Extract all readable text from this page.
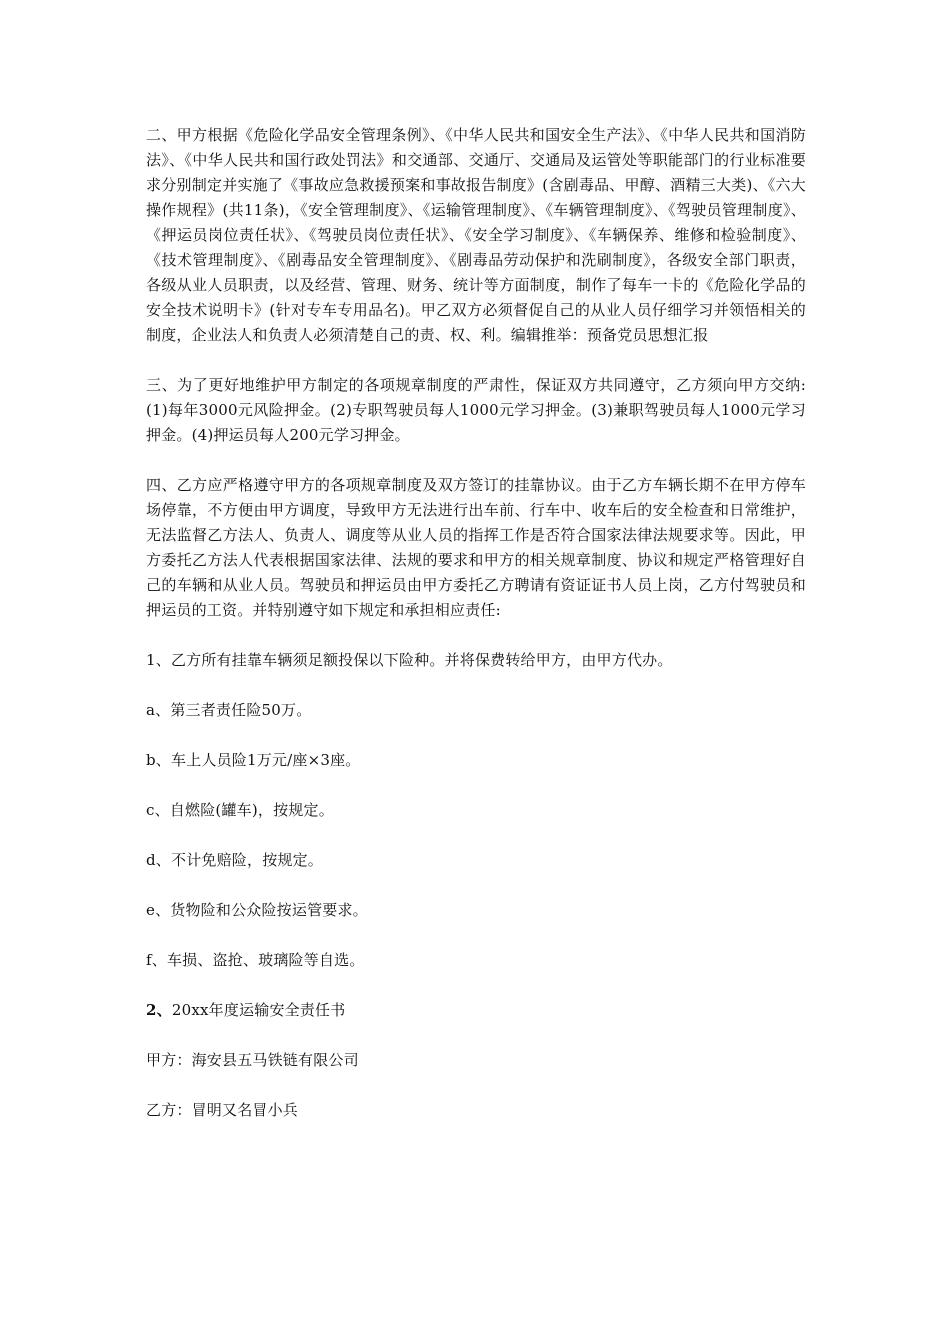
二、甲方根据《危险化学品安全管理条例》、《中华人民共和国安全生产法》、《中华人民共和国消防法》、《中华人民共和国行政处罚法》和交通部、交通厅、交通局及运管处等职能部门的行业标准要求分别制定并实施了《事故应急救援预案和事故报告制度》(含剧毒品、甲醇、酒精三大类)、《六大操作规程》(共11条)，《安全管理制度》、《运输管理制度》、《车辆管理制度》、《驾驶员管理制度》、《押运员岗位责任状》、《驾驶员岗位责任状》、《安全学习制度》、《车辆保养、维修和检验制度》、《技术管理制度》、《剧毒品安全管理制度》、《剧毒品劳动保护和洗刷制度》，各级安全部门职责，各级从业人员职责，以及经营、管理、财务、统计等方面制度，制作了每车一卡的《危险化学品的安全技术说明卡》(针对专车专用品名)。甲乙双方必须督促自己的从业人员仔细学习并领悟相关的制度，企业法人和负责人必须清楚自己的责、权、利。编辑推举：预备党员思想汇报

三、为了更好地维护甲方制定的各项规章制度的严肃性，保证双方共同遵守，乙方须向甲方交纳:(1)每年3000元风险押金。(2)专职驾驶员每人1000元学习押金。(3)兼职驾驶员每人1000元学习押金。(4)押运员每人200元学习押金。

四、乙方应严格遵守甲方的各项规章制度及双方签订的挂靠协议。由于乙方车辆长期不在甲方停车场停靠，不方便由甲方调度，导致甲方无法进行出车前、行车中、收车后的安全检查和日常维护，无法监督乙方法人、负责人、调度等从业人员的指挥工作是否符合国家法律法规要求等。因此，甲方委托乙方法人代表根据国家法律、法规的要求和甲方的相关规章制度、协议和规定严格管理好自己的车辆和从业人员。驾驶员和押运员由甲方委托乙方聘请有资证证书人员上岗，乙方付驾驶员和押运员的工资。并特别遵守如下规定和承担相应责任:

1、乙方所有挂靠车辆须足额投保以下险种。并将保费转给甲方，由甲方代办。

a、第三者责任险50万。

b、车上人员险1万元/座×3座。

c、自燃险(罐车)，按规定。

d、不计免赔险，按规定。

e、货物险和公众险按运管要求。

f、车损、盗抢、玻璃险等自选。

2、20xx年度运输安全责任书

甲方：海安县五马铁链有限公司

乙方：冒明又名冒小兵
